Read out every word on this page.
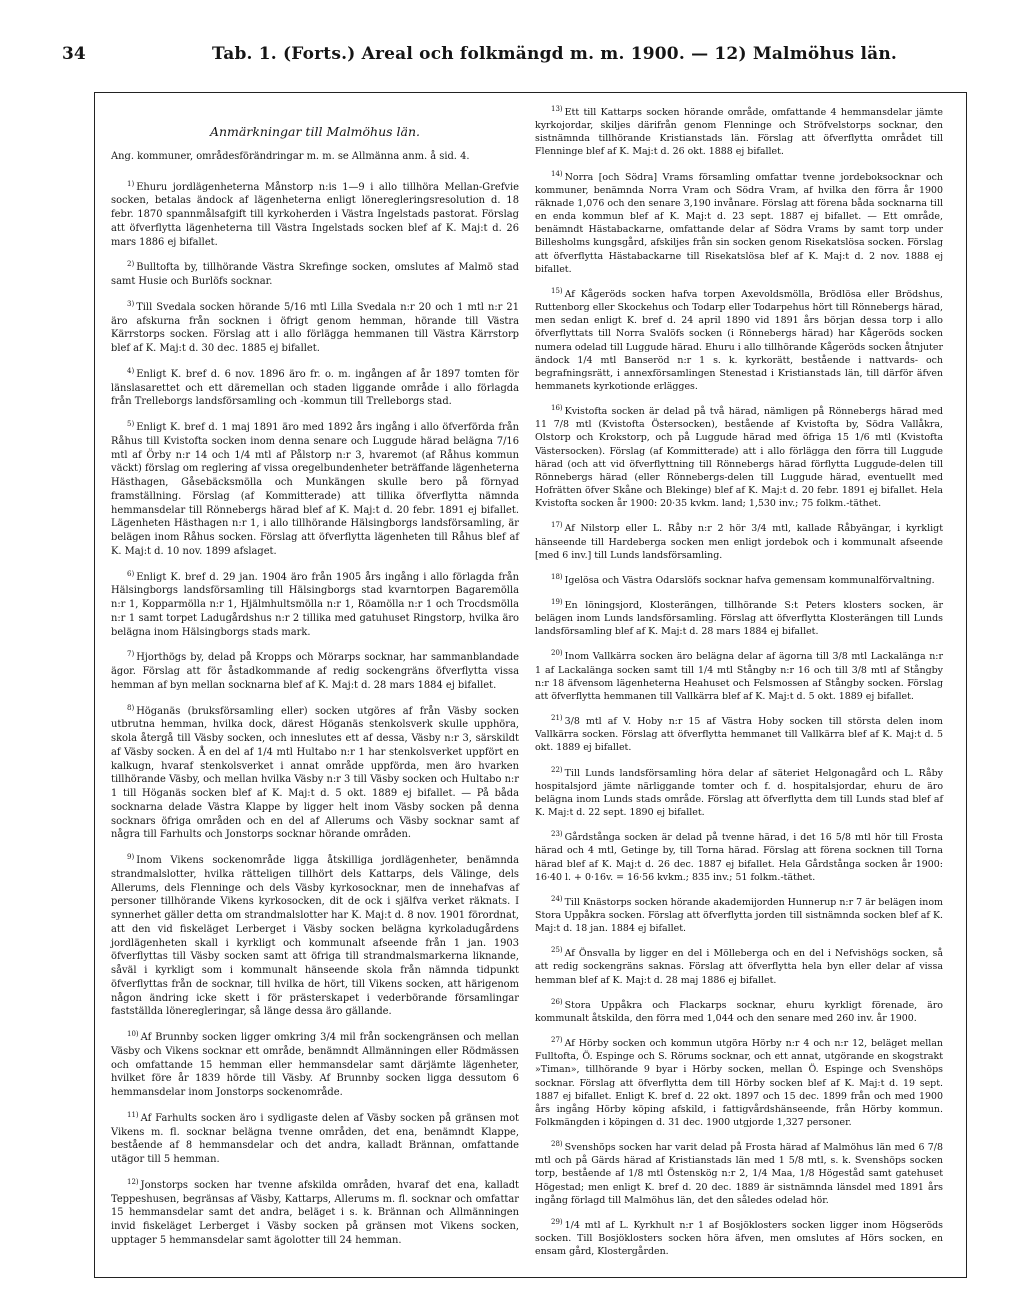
34	Tab. 1. (Forts.) Areal och folkmängd m. m. 1900. — 12) Malmöhus län.
Anmärkningar till Malmöhus län.
Ang. kommuner, områdesförändringar m. m. se Allmänna anm. å sid. 4.

$^{1)}$ Ehuru jordlägenheterna Månstorp n:is 1—9 i allo tillhöra Mellan-Grefvie socken, betalas ändock af lägenheterna enligt löneregleringsresolution d. 18 febr. 1870 spannmålsafgift till kyrkoherden i Västra Ingelstads pastorat. Förslag att öfverflytta lägenheterna till Västra Ingelstads socken blef af K. Maj:t d. 26 mars 1886 ej bifallet.

$^{2)}$ Bulltofta by, tillhörande Västra Skrefinge socken, omslutes af Malmö stad samt Husie och Burlöfs socknar.

$^{3)}$ Till Svedala socken hörande 5/16 mtl Lilla Svedala n:r 20 och 1 mtl n:r 21 äro afskurna från socknen i öfrigt genom hemman, hörande till Västra Kärrstorps socken. Förslag att i allo förlägga hemmanen till Västra Kärrstorp blef af K. Maj:t d. 30 dec. 1885 ej bifallet.

$^{4)}$ Enligt K. bref d. 6 nov. 1896 äro fr. o. m. ingången af år 1897 tomten för länslasarettet och ett däremellan och staden liggande område i allo förlagda från Trelleborgs landsförsamling och -kommun till Trelleborgs stad.

$^{5)}$ Enligt K. bref d. 1 maj 1891 äro med 1892 års ingång i allo öfverförda från Råhus till Kvistofta socken inom denna senare och Luggude härad belägna 7/16 mtl af Örby n:r 14 och 1/4 mtl af Pålstorp n:r 3, hvaremot (af Råhus kommun väckt) förslag om reglering af vissa oregelbundenheter beträffande lägenheterna Hästhagen, Gåsebäcksmölla och Munkängen skulle bero på förnyad framställning. Förslag (af Kommitterade) att tillika öfverflytta nämnda hemmansdelar till Rönnebergs härad blef af K. Maj:t d. 20 febr. 1891 ej bifallet. Lägenheten Hästhagen n:r 1, i allo tillhörande Hälsingborgs landsförsamling, är belägen inom Råhus socken. Förslag att öfverflytta lägenheten till Råhus blef af K. Maj:t d. 10 nov. 1899 afslaget.

$^{6)}$ Enligt K. bref d. 29 jan. 1904 äro från 1905 års ingång i allo förlagda från Hälsingborgs landsförsamling till Hälsingborgs stad kvarntorpen Bagaremölla n:r 1, Kopparmölla n:r 1, Hjälmhultsmölla n:r 1, Röamölla n:r 1 och Trocdsmölla n:r 1 samt torpet Ladugårdshus n:r 2 tillika med gatuhuset Ringstorp, hvilka äro belägna inom Hälsingborgs stads mark.

$^{7)}$ Hjorthögs by, delad på Kropps och Mörarps socknar, har sammanblandade ägor. Förslag att för åstadkommande af redig sockengräns öfverflytta vissa hemman af byn mellan socknarna blef af K. Maj:t d. 28 mars 1884 ej bifallet.

$^{8)}$ Höganäs (bruksförsamling eller) socken utgöres af från Väsby socken utbrutna hemman, hvilka dock, därest Höganäs stenkolsverk skulle upphöra, skola återgå till Väsby socken, och inneslutes ett af dessa, Väsby n:r 3, särskildt af Väsby socken. Å en del af 1/4 mtl Hultabo n:r 1 har stenkolsverket uppfört en kalkugn, hvaraf stenkolsverket i annat område uppförda, men äro hvarken tillhörande Väsby, och mellan hvilka Väsby n:r 3 till Väsby socken och Hultabo n:r 1 till Höganäs socken blef af K. Maj:t d. 5 okt. 1889 ej bifallet. — På båda socknarna delade Västra Klappe by ligger helt inom Väsby socken på denna socknars öfriga områden och en del af Allerums och Väsby socknar samt af några till Farhults och Jonstorps socknar hörande områden.

$^{9)}$ Inom Vikens sockenområde ligga åtskilliga jordlägenheter, benämnda strandmalslotter, hvilka rätteligen tillhört dels Kattarps, dels Välinge, dels Allerums, dels Flenninge och dels Väsby kyrkosocknar, men de innehafvas af personer tillhörande Vikens kyrkosocken, dit de ock i själfva verket räknats. I synnerhet gäller detta om strandmalslotter har K. Maj:t d. 8 nov. 1901 förordnat, att den vid fiskeläget Lerberget i Väsby socken belägna kyrkoladugårdens jordlägenheten skall i kyrkligt och kommunalt afseende från 1 jan. 1903 öfverflyttas till Väsby socken samt att öfriga till strandmalsmarkerna liknande, såväl i kyrkligt som i kommunalt hänseende skola från nämnda tidpunkt öfverflyttas från de socknar, till hvilka de hört, till Vikens socken, att härigenom någon ändring icke skett i för prästerskapet i vederbörande församlingar fastställda löneregleringar, så länge dessa äro gällande.

$^{10)}$ Af Brunnby socken ligger omkring 3/4 mil från sockengränsen och mellan Väsby och Vikens socknar ett område, benämndt Allmänningen eller Rödmässen och omfattande 15 hemman eller hemmansdelar samt därjämte lägenheter, hvilket före år 1839 hörde till Väsby. Af Brunnby socken ligga dessutom 6 hemmansdelar inom Jonstorps sockenområde.

$^{11)}$ Af Farhults socken äro i sydligaste delen af Väsby socken på gränsen mot Vikens m. fl. socknar belägna tvenne områden, det ena, benämndt Klappe, bestående af 8 hemmansdelar och det andra, kalladt Brännan, omfattande utägor till 5 hemman.

$^{12)}$ Jonstorps socken har tvenne afskilda områden, hvaraf det ena, kalladt Teppeshusen, begränsas af Väsby, Kattarps, Allerums m. fl. socknar och omfattar 15 hemmansdelar samt det andra, beläget i s. k. Brännan och Allmänningen invid fiskeläget Lerberget i Väsby socken på gränsen mot Vikens socken, upptager 5 hemmansdelar samt ägolotter till 24 hemman.

$^{13)}$ Ett till Kattarps socken hörande område, omfattande 4 hemmansdelar jämte kyrkojordar, skiljes därifrån genom Flenninge och Ströfvelstorps socknar, den sistnämnda tillhörande Kristianstads län. Förslag att öfverflytta området till Flenninge blef af K. Maj:t d. 26 okt. 1888 ej bifallet.

$^{14)}$ Norra [och Södra] Vrams församling omfattar tvenne jordeboksocknar och kommuner, benämnda Norra Vram och Södra Vram, af hvilka den förra år 1900 räknade 1,076 och den senare 3,190 invånare. Förslag att förena båda socknarna till en enda kommun blef af K. Maj:t d. 23 sept. 1887 ej bifallet. — Ett område, benämndt Hästabackarne, omfattande delar af Södra Vrams by samt torp under Billesholms kungsgård, afskiljes från sin socken genom Risekatslösa socken. Förslag att öfverflytta Hästabackarne till Risekatslösa blef af K. Maj:t d. 2 nov. 1888 ej bifallet.

$^{15)}$ Af Kågeröds socken hafva torpen Axevoldsmölla, Brödlösa eller Brödshus, Ruttenborg eller Skockehus och Todarp eller Todarpehus hört till Rönnebergs härad, men sedan enligt K. bref d. 24 april 1890 vid 1891 års början dessa torp i allo öfverflyttats till Norra Svalöfs socken (i Rönnebergs härad) har Kågeröds socken numera odelad till Luggude härad. Ehuru i allo tillhörande Kågeröds socken åtnjuter ändock 1/4 mtl Banseröd n:r 1 s. k. kyrkorätt, bestående i nattvards- och begrafningsrätt, i annexförsamlingen Stenestad i Kristianstads län, till därför äfven hemmanets kyrkotionde erlägges.

$^{16)}$ Kvistofta socken är delad på två härad, nämligen på Rönnebergs härad med 11 7/8 mtl (Kvistofta Östersocken), bestående af Kvistofta by, Södra Vallåkra, Olstorp och Krokstorp, och på Luggude härad med öfriga 15 1/6 mtl (Kvistofta Västersocken). Förslag (af Kommitterade) att i allo förlägga den förra till Luggude härad (och att vid öfverflyttning till Rönnebergs härad förflytta Luggude-delen till Rönnebergs härad (eller Rönnebergs-delen till Luggude härad, eventuellt med Hofrätten öfver Skåne och Blekinge) blef af K. Maj:t d. 20 febr. 1891 ej bifallet. Hela Kvistofta socken år 1900: 20·35 kvkm. land; 1,530 inv.; 75 folkm.-täthet.

$^{17)}$ Af Nilstorp eller L. Råby n:r 2 hör 3/4 mtl, kallade Råbyängar, i kyrkligt hänseende till Hardeberga socken men enligt jordebok och i kommunalt afseende [med 6 inv.] till Lunds landsförsamling.

$^{18)}$ Igelösa och Västra Odarslöfs socknar hafva gemensam kommunalförvaltning.

$^{19)}$ En löningsjord, Klosterängen, tillhörande S:t Peters klosters socken, är belägen inom Lunds landsförsamling. Förslag att öfverflytta Klosterängen till Lunds landsförsamling blef af K. Maj:t d. 28 mars 1884 ej bifallet.

$^{20)}$ Inom Vallkärra socken äro belägna delar af ägorna till 3/8 mtl Lackalänga n:r 1 af Lackalänga socken samt till 1/4 mtl Stångby n:r 16 och till 3/8 mtl af Stångby n:r 18 äfvensom lägenheterna Heahuset och Felsmossen af Stångby socken. Förslag att öfverflytta hemmanen till Vallkärra blef af K. Maj:t d. 5 okt. 1889 ej bifallet.

$^{21)}$ 3/8 mtl af V. Hoby n:r 15 af Västra Hoby socken till största delen inom Vallkärra socken. Förslag att öfverflytta hemmanet till Vallkärra blef af K. Maj:t d. 5 okt. 1889 ej bifallet.

$^{22)}$ Till Lunds landsförsamling höra delar af säteriet Helgonagård och L. Råby hospitalsjord jämte närliggande tomter och f. d. hospitalsjordar, ehuru de äro belägna inom Lunds stads område. Förslag att öfverflytta dem till Lunds stad blef af K. Maj:t d. 22 sept. 1890 ej bifallet.

$^{23)}$ Gårdstånga socken är delad på tvenne härad, i det 16 5/8 mtl hör till Frosta härad och 4 mtl, Getinge by, till Torna härad. Förslag att förena socknen till Torna härad blef af K. Maj:t d. 26 dec. 1887 ej bifallet. Hela Gårdstånga socken år 1900: 16·40 l. + 0·16v. = 16·56 kvkm.; 835 inv.; 51 folkm.-täthet.

$^{24)}$ Till Knästorps socken hörande akademijorden Hunnerup n:r 7 är belägen inom Stora Uppåkra socken. Förslag att öfverflytta jorden till sistnämnda socken blef af K. Maj:t d. 18 jan. 1884 ej bifallet.

$^{25)}$ Af Önsvalla by ligger en del i Mölleberga och en del i Nefvishögs socken, så att redig sockengräns saknas. Förslag att öfverflytta hela byn eller delar af vissa hemman blef af K. Maj:t d. 28 maj 1886 ej bifallet.

$^{26)}$ Stora Uppåkra och Flackarps socknar, ehuru kyrkligt förenade, äro kommunalt åtskilda, den förra med 1,044 och den senare med 260 inv. år 1900.

$^{27)}$ Af Hörby socken och kommun utgöra Hörby n:r 4 och n:r 12, beläget mellan Fulltofta, Ö. Espinge och S. Rörums socknar, och ett annat, utgörande en skogstrakt »Timan», tillhörande 9 byar i Hörby socken, mellan Ö. Espinge och Svenshöps socknar. Förslag att öfverflytta dem till Hörby socken blef af K. Maj:t d. 19 sept. 1887 ej bifallet. Enligt K. bref d. 22 okt. 1897 och 15 dec. 1899 från och med 1900 års ingång Hörby köping afskild, i fattigvårdshänseende, från Hörby kommun. Folkmängden i köpingen d. 31 dec. 1900 utgjorde 1,327 personer.

$^{28)}$ Svenshöps socken har varit delad på Frosta härad af Malmöhus län med 6 7/8 mtl och på Gärds härad af Kristianstads län med 1 5/8 mtl, s. k. Svenshöps socken torp, bestående af 1/8 mtl Östenskög n:r 2, 1/4 Maa, 1/8 Högeståd samt gatehuset Högestad; men enligt K. bref d. 20 dec. 1889 är sistnämnda länsdel med 1891 års ingång förlagd till Malmöhus län, det den således odelad hör.

$^{29)}$ 1/4 mtl af L. Kyrkhult n:r 1 af Bosjöklosters socken ligger inom Högseröds socken. Till Bosjöklosters socken höra äfven, men omslutes af Hörs socken, en ensam gård, Klostergården.
